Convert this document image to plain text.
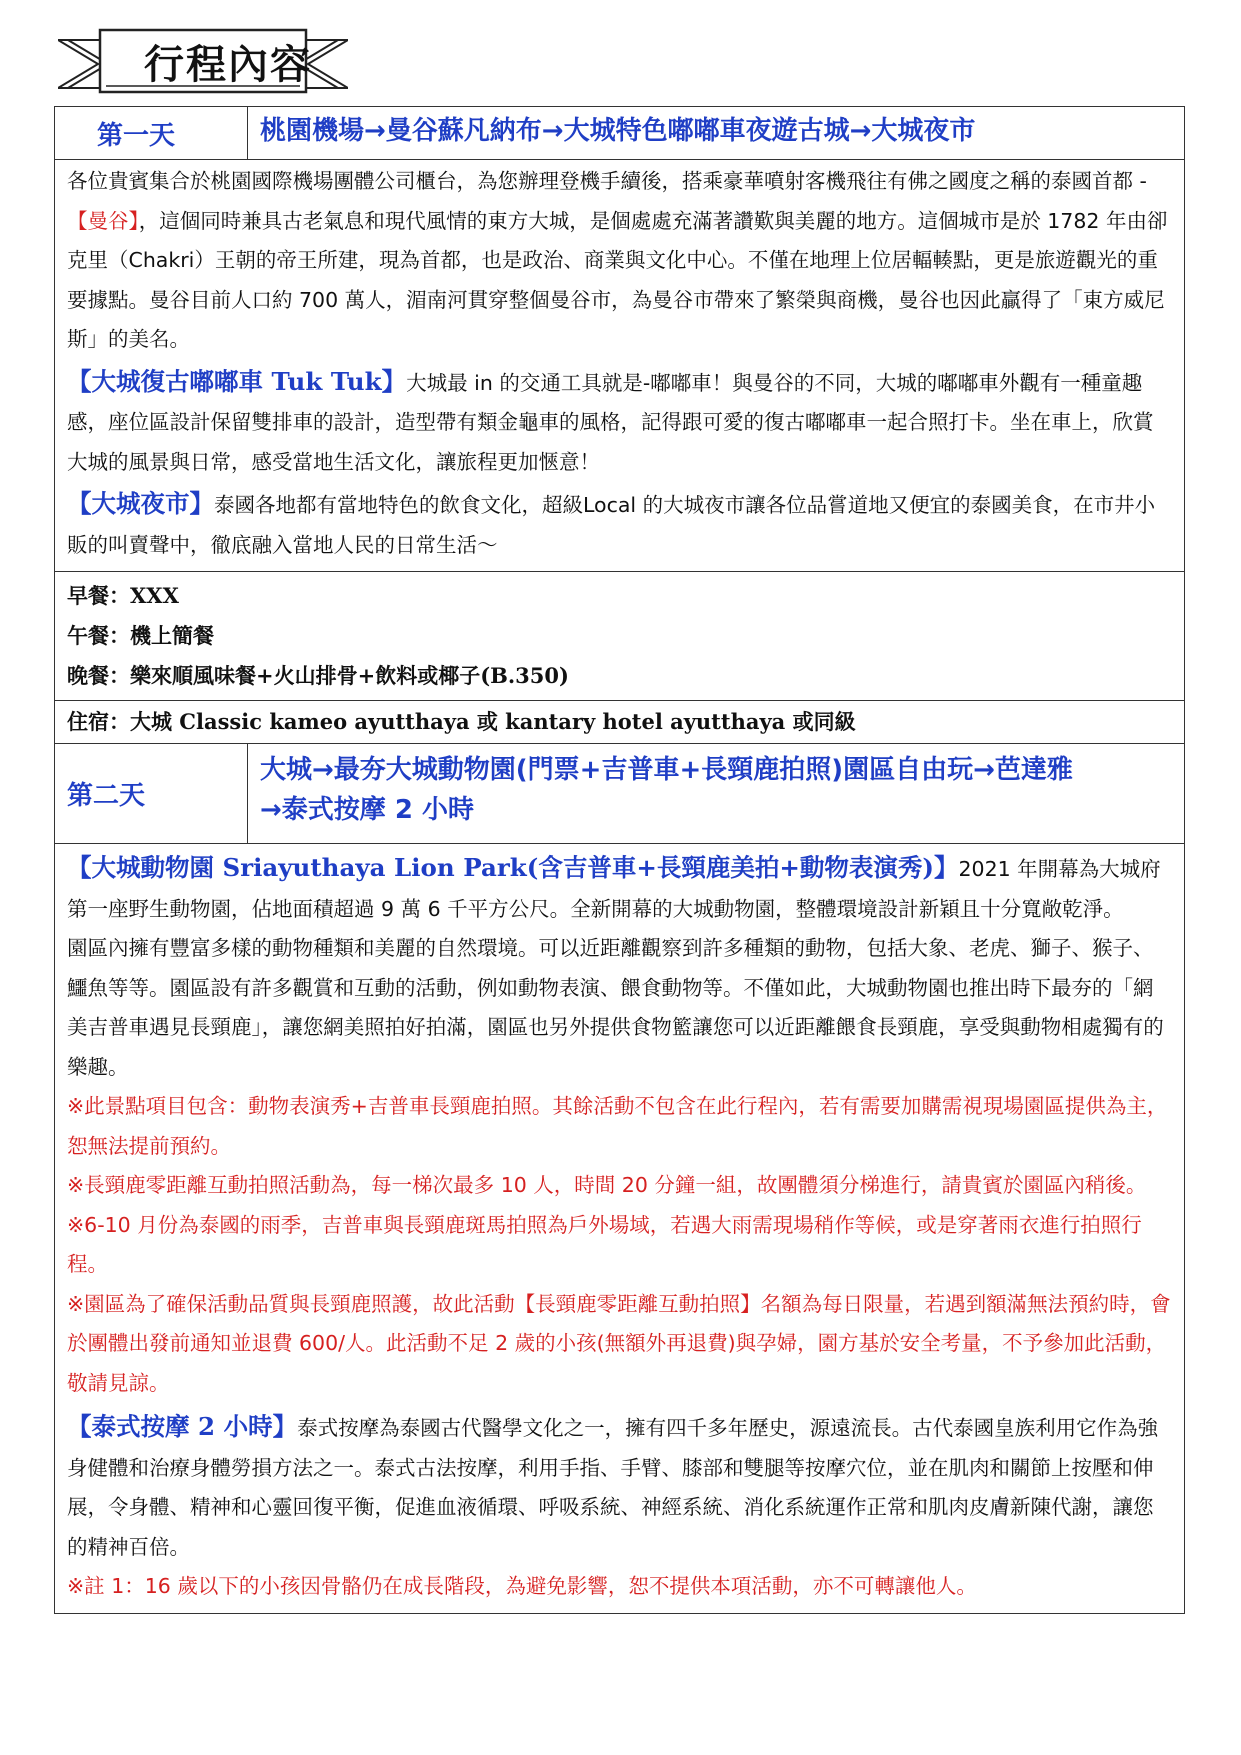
行程內容
第一天	桃園機場→曼谷蘇凡納布→大城特色嘟嘟車夜遊古城→大城夜市

各位貴賓集合於桃園國際機場團體公司櫃台，為您辦理登機手續後，搭乘豪華噴射客機飛往有佛之國度之稱的泰國首都 - 【曼谷】，這個同時兼具古老氣息和現代風情的東方大城，是個處處充滿著讚歎與美麗的地方。這個城市是於 1782 年由卻克里（Chakri）王朝的帝王所建，現為首都，也是政治、商業與文化中心。不僅在地理上位居輻輳點，更是旅遊觀光的重要據點。曼谷目前人口約 700 萬人，湄南河貫穿整個曼谷市，為曼谷市帶來了繁榮與商機，曼谷也因此贏得了「東方威尼斯」的美名。

【大城復古嘟嘟車 Tuk Tuk】大城最 in 的交通工具就是-嘟嘟車！與曼谷的不同，大城的嘟嘟車外觀有一種童趣感，座位區設計保留雙排車的設計，造型帶有類金龜車的風格，記得跟可愛的復古嘟嘟車一起合照打卡。坐在車上，欣賞大城的風景與日常，感受當地生活文化，讓旅程更加愜意！

【大城夜市】泰國各地都有當地特色的飲食文化，超級Local 的大城夜市讓各位品嘗道地又便宜的泰國美食，在市井小販的叫賣聲中，徹底融入當地人民的日常生活～

早餐：XXX
午餐：機上簡餐
晚餐：樂來順風味餐+火山排骨+飲料或椰子(B.350)
住宿：大城 Classic kameo ayutthaya 或 kantary hotel ayutthaya 或同級
第二天
大城→最夯大城動物園(門票+吉普車+長頸鹿拍照)園區自由玩→芭達雅
→泰式按摩 2 小時

【大城動物園 Sriayuthaya Lion Park(含吉普車+長頸鹿美拍+動物表演秀)】2021 年開幕為大城府第一座野生動物園，佔地面積超過 9 萬 6 千平方公尺。全新開幕的大城動物園，整體環境設計新穎且十分寬敞乾淨。

園區內擁有豐富多樣的動物種類和美麗的自然環境。可以近距離觀察到許多種類的動物，包括大象、老虎、獅子、猴子、鱷魚等等。園區設有許多觀賞和互動的活動，例如動物表演、餵食動物等。不僅如此，大城動物園也推出時下最夯的「網美吉普車遇見長頸鹿」，讓您網美照拍好拍滿，園區也另外提供食物籃讓您可以近距離餵食長頸鹿，享受與動物相處獨有的樂趣。

※此景點項目包含：動物表演秀+吉普車長頸鹿拍照。其餘活動不包含在此行程內，若有需要加購需視現場園區提供為主，恕無法提前預約。

※長頸鹿零距離互動拍照活動為，每一梯次最多 10 人，時間 20 分鐘一組，故團體須分梯進行，請貴賓於園區內稍後。

※6-10 月份為泰國的雨季，吉普車與長頸鹿斑馬拍照為戶外場域，若遇大雨需現場稍作等候，或是穿著雨衣進行拍照行程。

※園區為了確保活動品質與長頸鹿照護，故此活動【長頸鹿零距離互動拍照】名額為每日限量，若遇到額滿無法預約時，會於團體出發前通知並退費 600/人。此活動不足 2 歲的小孩(無額外再退費)與孕婦，園方基於安全考量，不予參加此活動，敬請見諒。

【泰式按摩 2 小時】泰式按摩為泰國古代醫學文化之一，擁有四千多年歷史，源遠流長。古代泰國皇族利用它作為強身健體和治療身體勞損方法之一。泰式古法按摩，利用手指、手臂、膝部和雙腿等按摩穴位，並在肌肉和關節上按壓和伸展，令身體、精神和心靈回復平衡，促進血液循環、呼吸系統、神經系統、消化系統運作正常和肌肉皮膚新陳代謝，讓您的精神百倍。

※註 1：16 歲以下的小孩因骨骼仍在成長階段，為避免影響，恕不提供本項活動，亦不可轉讓他人。
